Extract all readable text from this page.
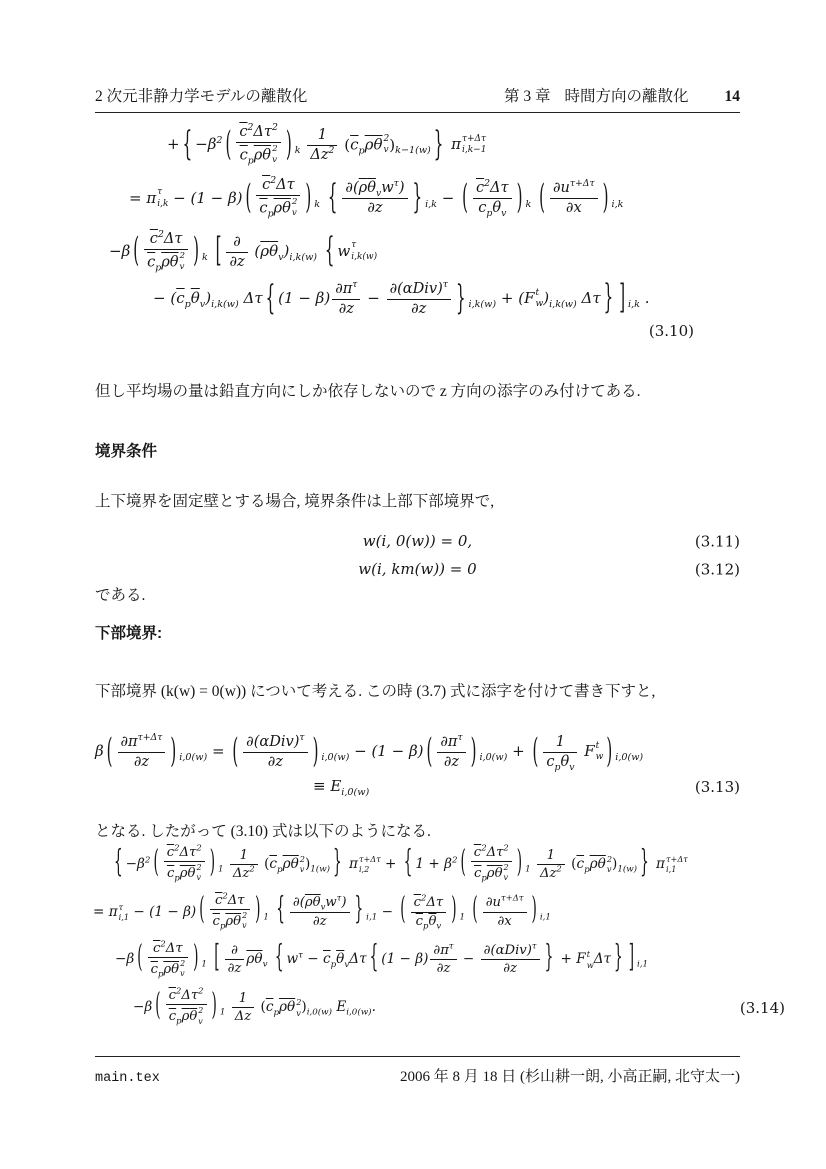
2 次元非静力学モデルの離散化	第 3 章 時間方向の離散化 14
+ { $-\beta^2$ ( $\overline{c}^2\Delta\tau^2$
$\overline{c}_p\overline{\rho}\overline{\theta}$ 2
v ) $_k \frac{1}{\Delta z^2}$
( $\overline{c}_p\overline{\rho}\overline{\theta}$ 2
v ) $_{k-1(w)}$ } π τ+Δτ
i,k−1
= π τ
i,k − (1 − β) ( $\overline{c}^2\Delta\tau$
$\overline{c}_p\overline{\rho}\overline{\theta}$ 2
v ) $_k$ { $\frac{\partial(\overline{\rho}\overline{\theta}_vw^\tau)}{\partial z}$ } $_{i,k}$ − ( $\frac{\overline{c}^2\Delta\tau}{\overline{c}_p\overline{\theta}_v}$ ) $_k$ ( $\frac{\partial u^{\tau+\Delta\tau}}{\partial x}$ ) $_{i,k}$
−β ( $\overline{c}^2\Delta\tau$
$\overline{c}_p\overline{\rho}\overline{\theta}$ 2
v ) $_k$ [ $\frac{\partial}{\partial z} (\overline{\rho}\overline{\theta}_v)_{i,k(w)}$ { w τ
i,k(w)
− $(\overline{c}_p\overline{\theta}_v)_{i,k(w)}$ Δτ { $(1 - \beta) \frac{\partial\pi^\tau}{\partial z} - \frac{\partial(\alpha Div)^\tau}{\partial z}$ } $_{i,k(w)}$ + (F t
w )$_{i,k(w)}$ Δτ } ] $_{i,k}$ .
(3.10)
但し平均場の量は鉛直方向にしか依存しないので z 方向の添字のみ付けてある.
境界条件
上下境界を固定壁とする場合, 境界条件は上部下部境界で,
w(i, 0(w)) = 0,	(3.11)
w(i, km(w)) = 0	(3.12)
である.
下部境界:
下部境界 (k(w) = 0(w)) について考える. この時 (3.7) 式に添字を付けて書き下すと,
β ( $\frac{\partial\pi^{\tau+\Delta\tau}}{\partial z}$ ) $_{i,0(w)}$ = ( $\frac{\partial(\alpha Div)^\tau}{\partial z}$ ) $_{i,0(w)}$ − (1 − β) ( $\frac{\partial\pi^\tau}{\partial z}$ ) $_{i,0(w)}$ + ( $\frac{1}{\overline{c}_p\overline{\theta}_v}$ F t
w ) $_{i,0(w)}$
≡ $E_{i,0(w)}$	(3.13)
となる. したがって (3.10) 式は以下のようになる.
{ $-\beta^2$ ( $\overline{c}^2\Delta\tau^2$
$\overline{c}_p\overline{\rho}\overline{\theta}$ 2
v ) $_1 \frac{1}{\Delta z^2}$
( $\overline{c}_p\overline{\rho}\overline{\theta}$ 2
v ) $_{1(w)}$ } π τ+Δτ
i,2 + { $1 + \beta^2$ ( $\overline{c}^2\Delta\tau^2$
$\overline{c}_p\overline{\rho}\overline{\theta}$ 2
v ) $_1 \frac{1}{\Delta z^2}$
( $\overline{c}_p\overline{\rho}\overline{\theta}$ 2
v ) $_{1(w)}$ } π τ+Δτ
i,1
= π τ
i,1 − (1 − β) ( $\overline{c}^2\Delta\tau$
$\overline{c}_p\overline{\rho}\overline{\theta}$ 2
v ) $_1$ { $\frac{\partial(\overline{\rho}\overline{\theta}_vw^\tau)}{\partial z}$ } $_{i,1}$ − ( $\frac{\overline{c}^2\Delta\tau}{\overline{c}_p\overline{\theta}_v}$ ) $_1$ ( $\frac{\partial u^{\tau+\Delta\tau}}{\partial x}$ ) $_{i,1}$
−β ( $\overline{c}^2\Delta\tau$
$\overline{c}_p\overline{\rho}\overline{\theta}$ 2
v ) $_1$ [ $\frac{\partial}{\partial z} \overline{\rho}\overline{\theta}_v$ { $w^\tau - \overline{c}_p\overline{\theta}_v\Delta\tau$ { $(1 - \beta) \frac{\partial\pi^\tau}{\partial z} - \frac{\partial(\alpha Div)^\tau}{\partial z}$ } + F t
w Δτ } ] $_{i,1}$
−β ( $\overline{c}^2\Delta\tau^2$
$\overline{c}_p\overline{\rho}\overline{\theta}$ 2
v ) $_1 \frac{1}{\Delta z}$
( $\overline{c}_p\overline{\rho}\overline{\theta}$ 2
v ) $_{i,0(w)}$ $E_{i,0(w)}$.	(3.14)
main.tex	2006 年 8 月 18 日 (杉山耕一朗, 小高正嗣, 北守太一)
